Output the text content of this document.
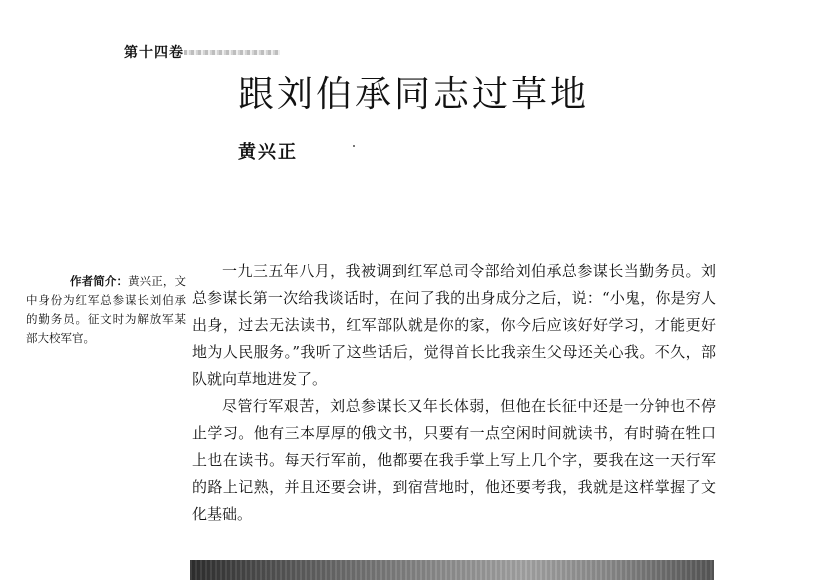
第十四卷
跟刘伯承同志过草地
黄兴正
作者简介：黄兴正，文中身份为红军总参谋长刘伯承的勤务员。征文时为解放军某部大校军官。

一九三五年八月，我被调到红军总司令部给刘伯承总参谋长当勤务员。刘总参谋长第一次给我谈话时，在问了我的出身成分之后，说：“小鬼，你是穷人出身，过去无法读书，红军部队就是你的家，你今后应该好好学习，才能更好地为人民服务。”我听了这些话后，觉得首长比我亲生父母还关心我。不久，部队就向草地进发了。

尽管行军艰苦，刘总参谋长又年长体弱，但他在长征中还是一分钟也不停止学习。他有三本厚厚的俄文书，只要有一点空闲时间就读书，有时骑在牲口上也在读书。每天行军前，他都要在我手掌上写上几个字，要我在这一天行军的路上记熟，并且还要会讲，到宿营地时，他还要考我，我就是这样掌握了文化基础。
